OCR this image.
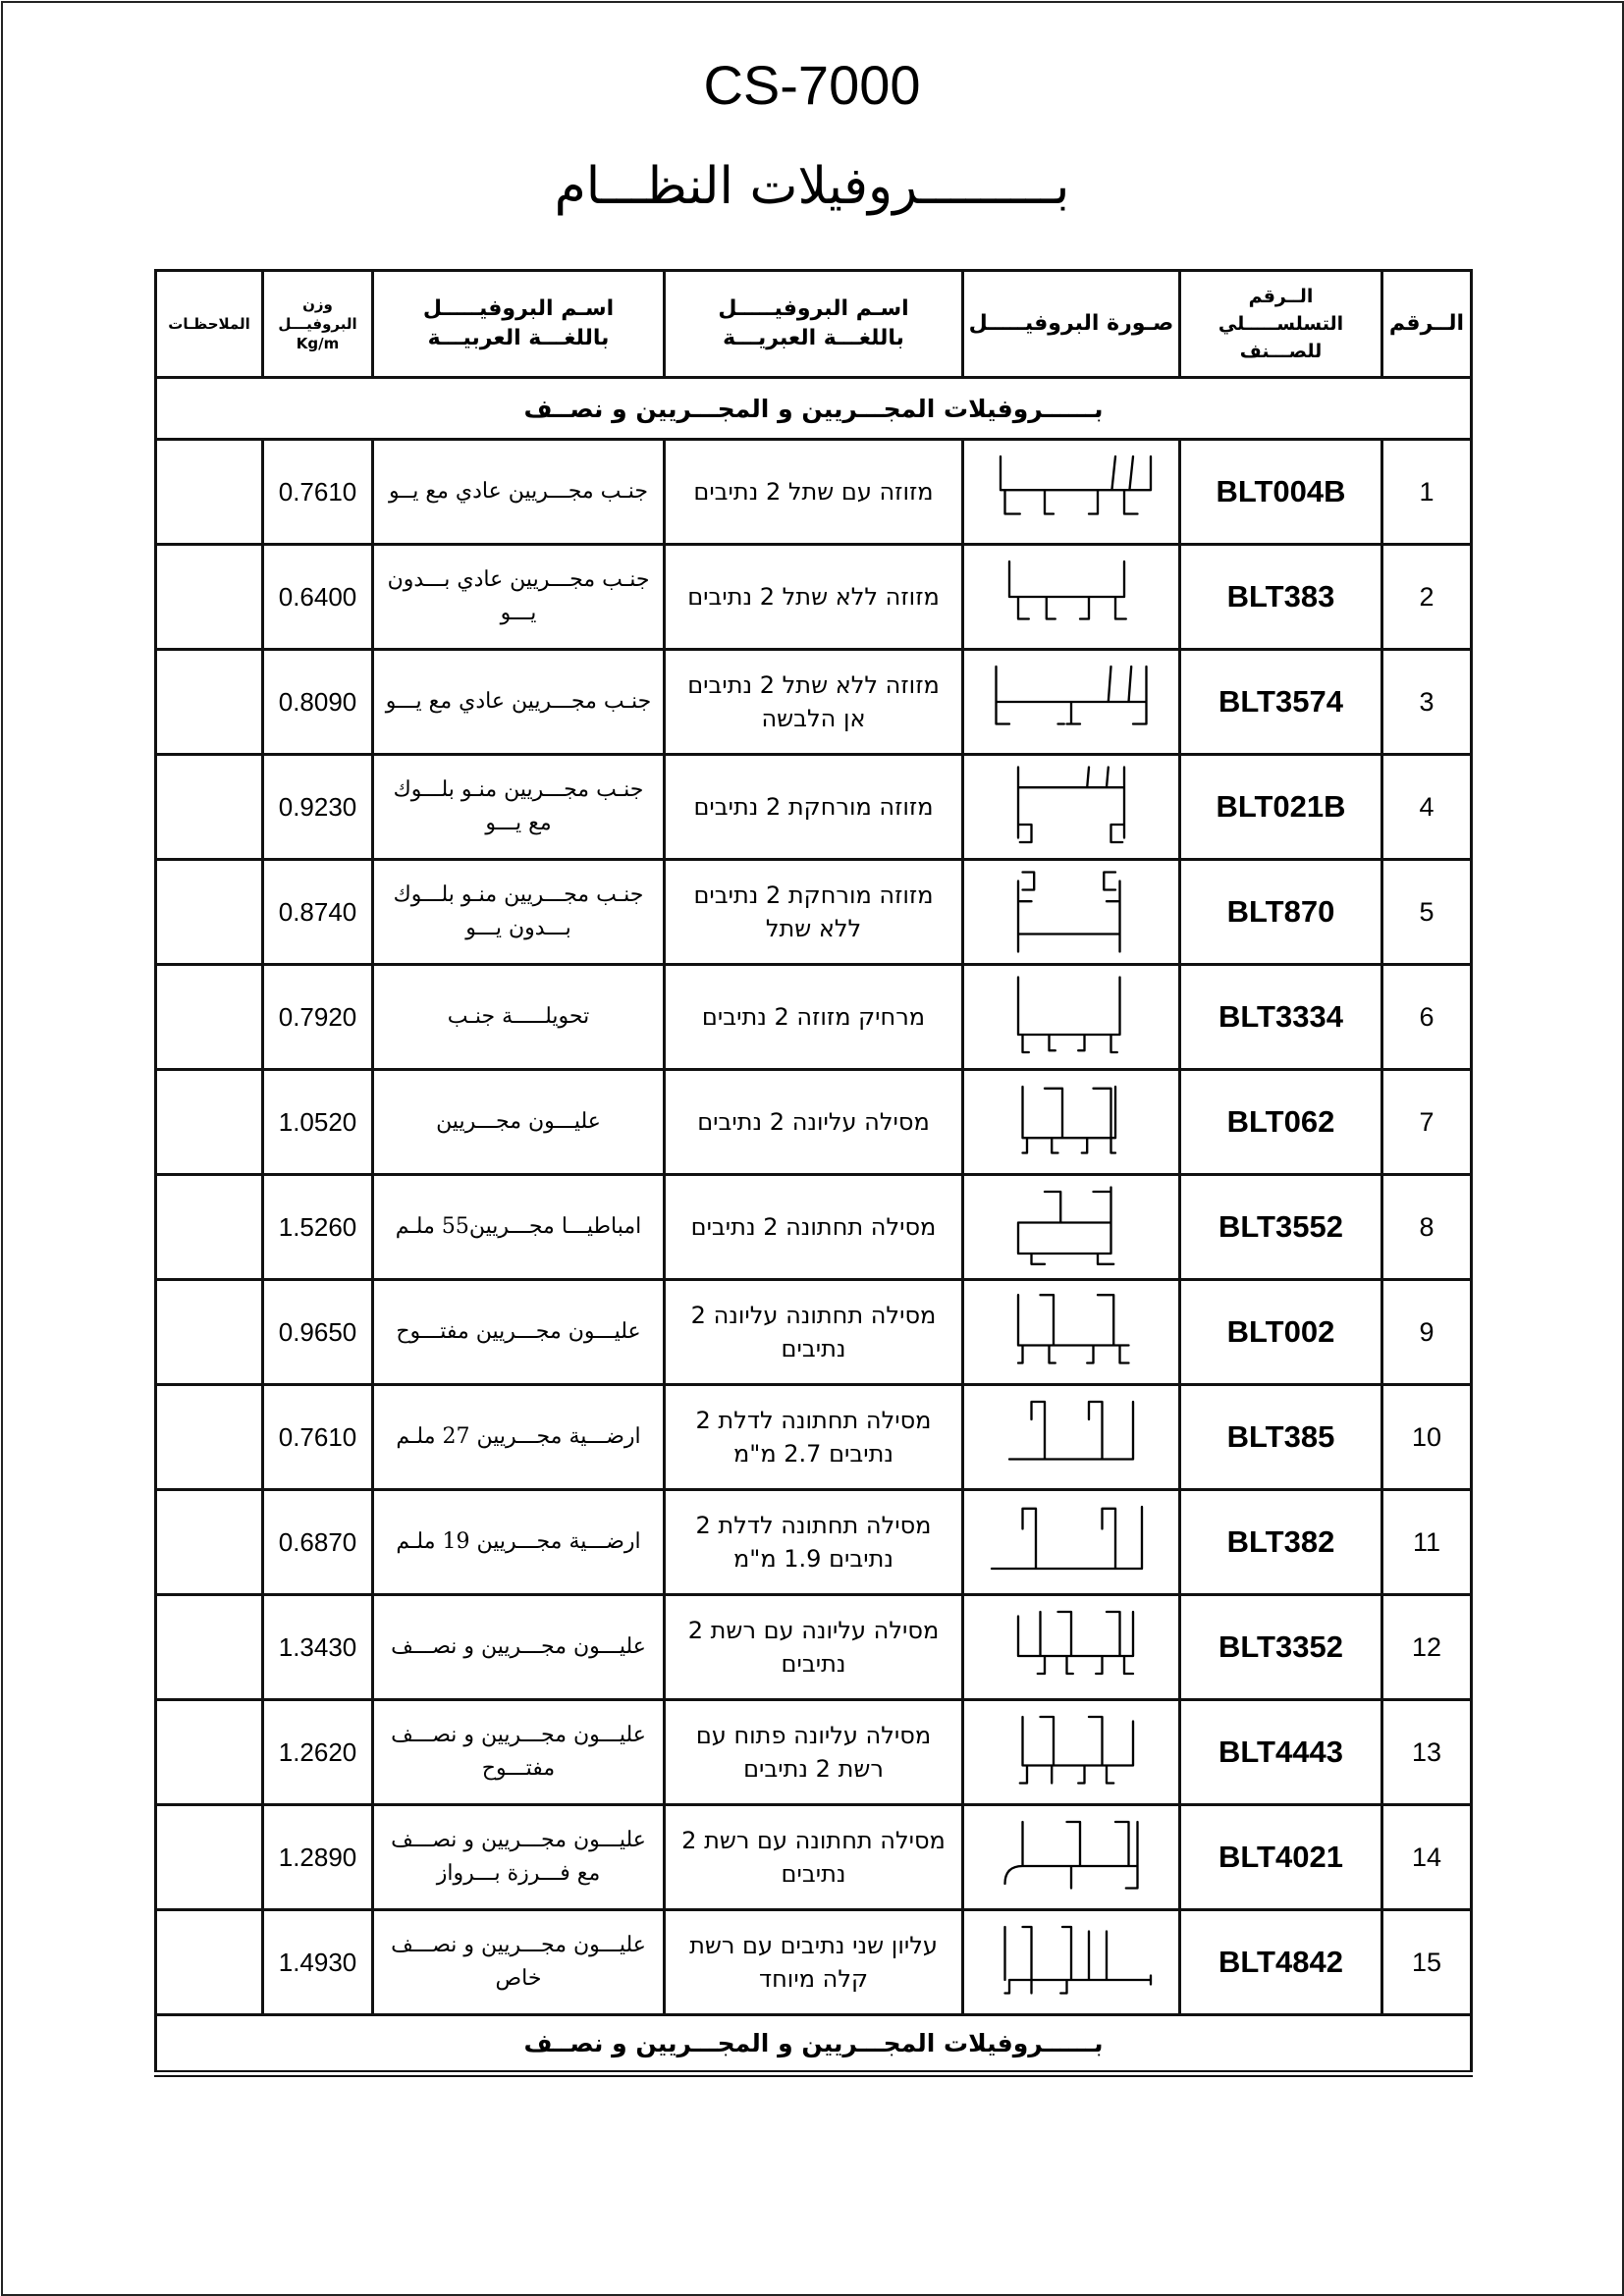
CS-7000
بـــــــــروفيلات النظـــام
الــرقم	الــرقم التسلســـــلي للصـــنف	صـورة البروفيـــــل	اسـم البروفيـــــل باللغـــة العبريـــة	اسـم البروفيـــــل باللغـــة العربيـــة	وزن البروفيـــل Kg/m	الملاحظـات
بــــــروفيلات المجـــريين و المجـــريين و نصــف						
1	BLT004B		מזוזה עם שתל 2 נתיבים	جنـب مجـــريين عادي مع يــو	0.7610	
2	BLT383		מזוזה ללא שתל 2 נתיבים	جنـب مجـــريين عادي بـــدون يـــو	0.6400	
3	BLT3574		מזוזה ללא שתל 2 נתיבים אן הלבשה	جنـب مجـــريين عادي مع يـــو	0.8090	
4	BLT021B		מזוזה מורחקת 2 נתיבים	جنـب مجـــريين منـو بلـــوك مع يـــو	0.9230	
5	BLT870		מזוזה מורחקת 2 נתיבים ללא שתל	جنـب مجـــريين منـو بلـــوك بـــدون يـــو	0.8740	
6	BLT3334		מרחיק מזוזה 2 נתיבים	تحويلـــــة جنـب	0.7920	
7	BLT062		מסילה עליונה 2 נתיבים	عليـــون مجـــريين	1.0520	
8	BLT3552		מסילה תחתונה 2 נתיבים	امباطيـــا مجـــريين55 ملـم	1.5260	
9	BLT002		מסילה תחתונה עליונה 2 נתיבים	عليـــون مجـــريين مفتـــوح	0.9650	
10	BLT385		מסילה תחתונה לדלת 2 נתיבים 2.7 מ"מ	ارضـــية مجـــريين 27 ملـم	0.7610	
11	BLT382		מסילה תחתונה לדלת 2 נתיבים 1.9 מ"מ	ارضـــية مجـــريين 19 ملـم	0.6870	
12	BLT3352		מסילה עליונה עם רשת 2 נתיבים	عليـــون مجـــريين و نصـــف	1.3430	
13	BLT4443		מסילה עליונה פתוח עם רשת 2 נתיבים	عليـــون مجـــريين و نصـــف مفتـــوح	1.2620	
14	BLT4021		מסילה תחתונה עם רשת 2 נתיבים	عليـــون مجـــريين و نصـــف مع فـــرزة بـــرواز	1.2890	
15	BLT4842		עליון שני נתיבים עם רשת קלה מיוחד	عليـــون مجـــريين و نصـــف خاص	1.4930	
بــــــروفيلات المجـــريين و المجـــريين و نصــف						
